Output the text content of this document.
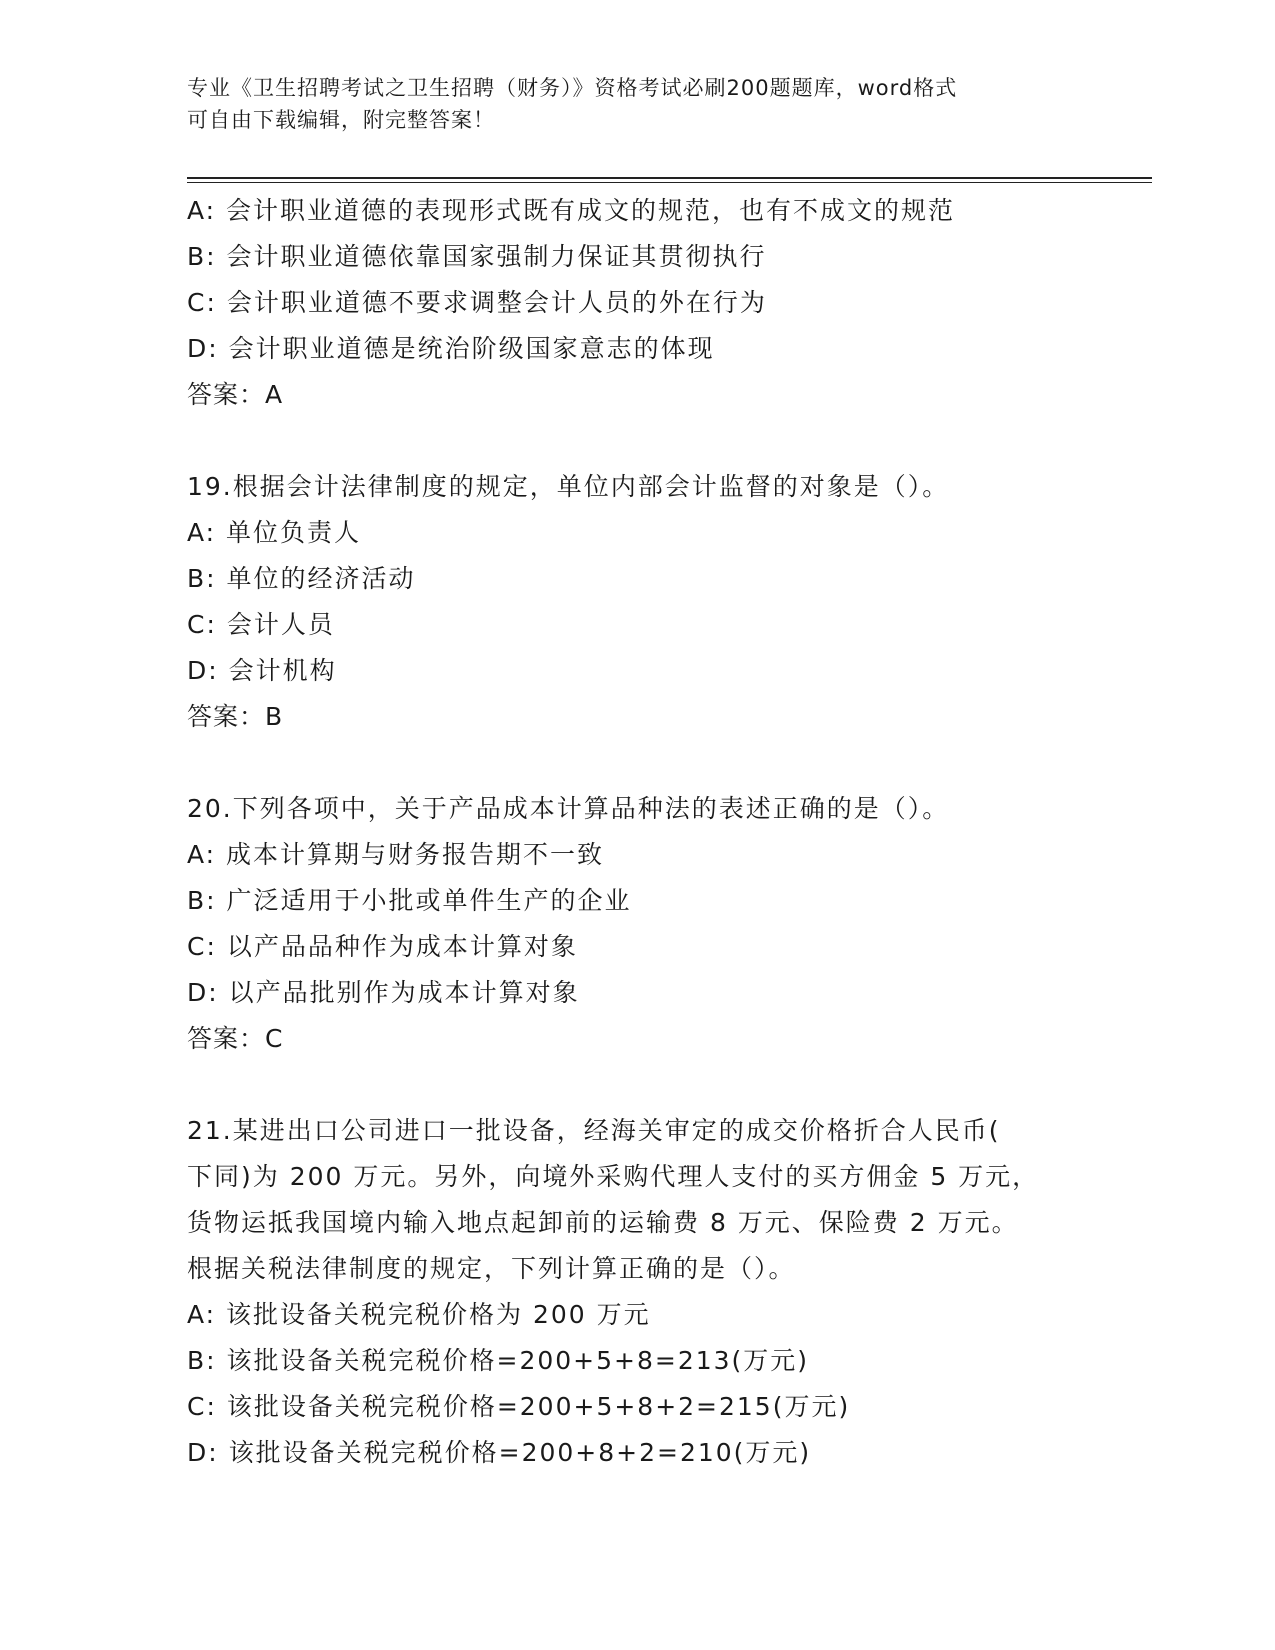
专业《卫生招聘考试之卫生招聘（财务）》资格考试必刷200题题库，word格式
可自由下载编辑，附完整答案！
A: 会计职业道德的表现形式既有成文的规范，也有不成文的规范
B: 会计职业道德依靠国家强制力保证其贯彻执行
C: 会计职业道德不要求调整会计人员的外在行为
D: 会计职业道德是统治阶级国家意志的体现
答案：A
19.根据会计法律制度的规定，单位内部会计监督的对象是（）。
A: 单位负责人
B: 单位的经济活动
C: 会计人员
D: 会计机构
答案：B
20.下列各项中，关于产品成本计算品种法的表述正确的是（）。
A: 成本计算期与财务报告期不一致
B: 广泛适用于小批或单件生产的企业
C: 以产品品种作为成本计算对象
D: 以产品批别作为成本计算对象
答案：C
21.某进出口公司进口一批设备，经海关审定的成交价格折合人民币(
下同)为 200 万元。另外，向境外采购代理人支付的买方佣金 5 万元，
货物运抵我国境内输入地点起卸前的运输费 8 万元、保险费 2 万元。
根据关税法律制度的规定，下列计算正确的是（）。
A: 该批设备关税完税价格为 200 万元
B: 该批设备关税完税价格=200+5+8=213(万元)
C: 该批设备关税完税价格=200+5+8+2=215(万元)
D: 该批设备关税完税价格=200+8+2=210(万元)
